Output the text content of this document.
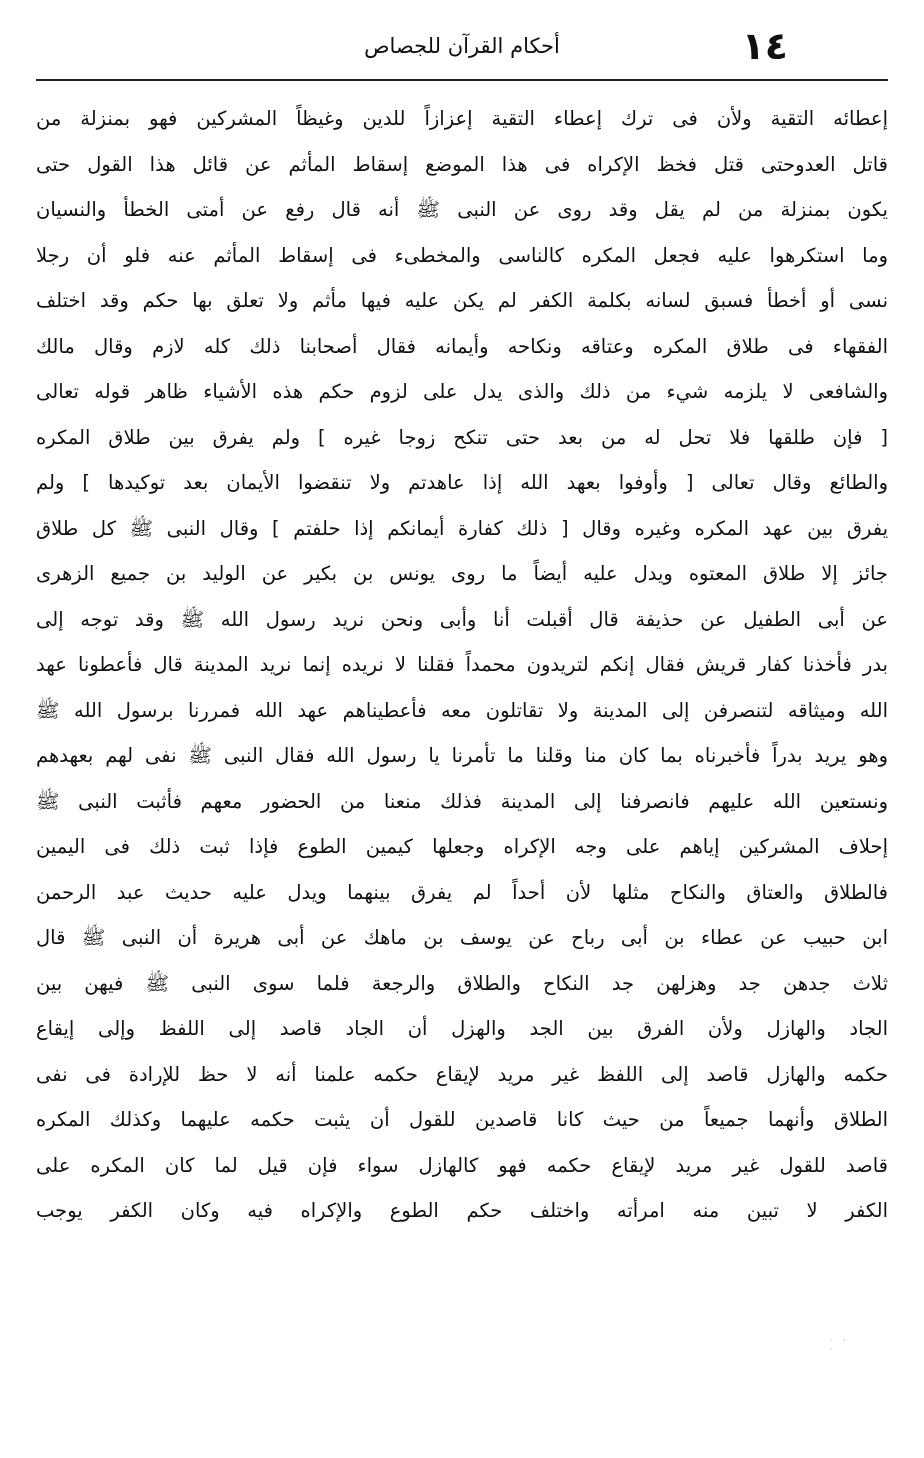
١٤
أحكام القرآن للجصاص
إعطائه التقية ولأن فى ترك إعطاء التقية إعزازاً للدين وغيظاً المشركين فهو بمنزلة من
قاتل العدوحتى قتل فخظ الإكراه فى هذا الموضع إسقاط المأثم عن قائل هذا القول حتى
يكون بمنزلة من لم يقل وقد روى عن النبى ﷺ أنه قال رفع عن أمتى الخطأ والنسيان
وما استكرهوا عليه فجعل المكره كالناسى والمخطىء فى إسقاط المأثم عنه فلو أن رجلا
نسى أو أخطأ فسبق لسانه بكلمة الكفر لم يكن عليه فيها مأثم ولا تعلق بها حكم وقد اختلف
الفقهاء فى طلاق المكره وعتاقه ونكاحه وأيمانه فقال أصحابنا ذلك كله لازم وقال مالك
والشافعى لا يلزمه شيء من ذلك والذى يدل على لزوم حكم هذه الأشياء ظاهر قوله تعالى
[ فإن طلقها فلا تحل له من بعد حتى تنكح زوجا غيره ] ولم يفرق بين طلاق المكره
والطائع وقال تعالى [ وأوفوا بعهد الله إذا عاهدتم ولا تنقضوا الأيمان بعد توكيدها ] ولم
يفرق بين عهد المكره وغيره وقال [ ذلك كفارة أيمانكم إذا حلفتم ] وقال النبى ﷺ كل طلاق
جائز إلا طلاق المعتوه ويدل عليه أيضاً ما روى يونس بن بكير عن الوليد بن جميع الزهرى
عن أبى الطفيل عن حذيفة قال أقبلت أنا وأبى ونحن نريد رسول الله ﷺ وقد توجه إلى
بدر فأخذنا كفار قريش فقال إنكم لتريدون محمداً فقلنا لا نريده إنما نريد المدينة قال فأعطونا عهد
الله وميثاقه لتنصرفن إلى المدينة ولا تقاتلون معه فأعطيناهم عهد الله فمررنا برسول الله ﷺ
وهو يريد بدراً فأخبرناه بما كان منا وقلنا ما تأمرنا يا رسول الله فقال النبى ﷺ نفى لهم بعهدهم
ونستعين الله عليهم فانصرفنا إلى المدينة فذلك منعنا من الحضور معهم فأثبت النبى ﷺ
إحلاف المشركين إياهم على وجه الإكراه وجعلها كيمين الطوع فإذا ثبت ذلك فى اليمين
فالطلاق والعتاق والنكاح مثلها لأن أحداً لم يفرق بينهما ويدل عليه حديث عبد الرحمن
ابن حبيب عن عطاء بن أبى رباح عن يوسف بن ماهك عن أبى هريرة أن النبى ﷺ قال
ثلاث جدهن جد وهزلهن جد النكاح والطلاق والرجعة فلما سوى النبى ﷺ فيهن بين
الجاد والهازل ولأن الفرق بين الجد والهزل أن الجاد قاصد إلى اللفظ وإلى إيقاع
حكمه والهازل قاصد إلى اللفظ غير مريد لإيقاع حكمه علمنا أنه لا حظ للإرادة فى نفى
الطلاق وأنهما جميعاً من حيث كانا قاصدين للقول أن يثبت حكمه عليهما وكذلك المكره
قاصد للقول غير مريد لإيقاع حكمه فهو كالهازل سواء فإن قيل لما كان المكره على
الكفر لا تبين منه امرأته واختلف حكم الطوع والإكراه فيه وكان الكفر يوجب
· · ·
